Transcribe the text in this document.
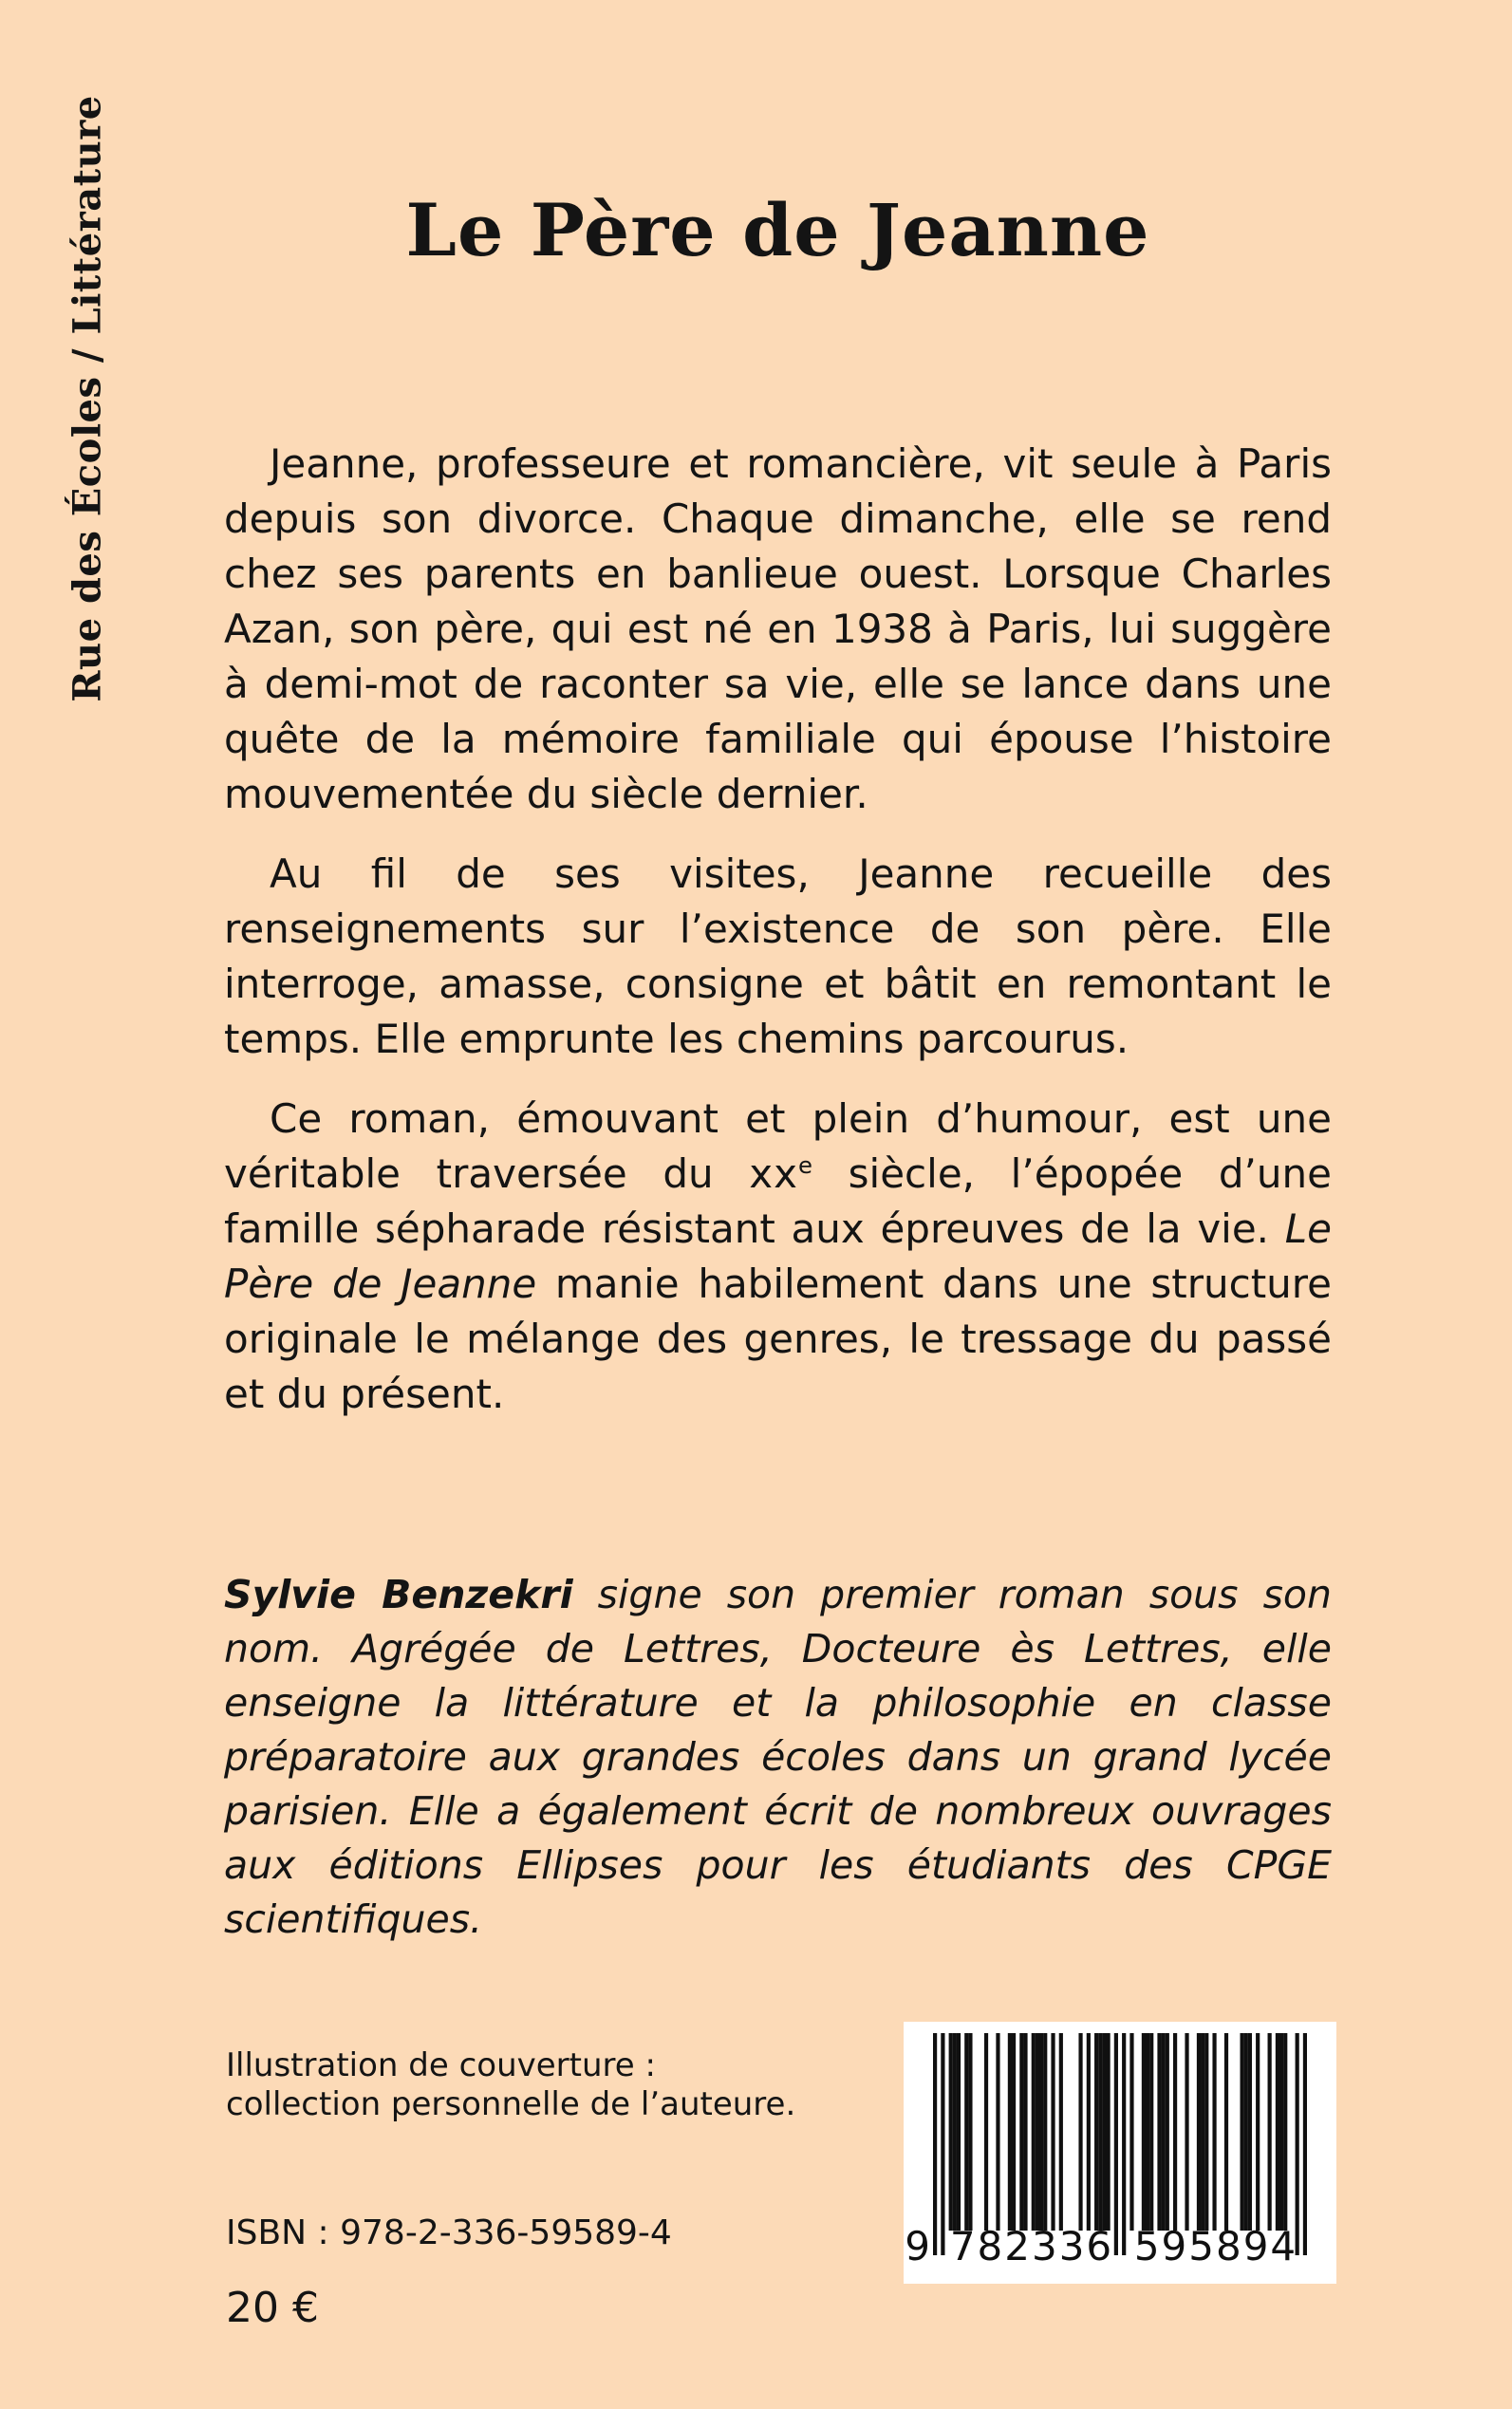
Rue des Écoles / Littérature	Le Père de Jeanne

Jeanne, professeure et romancière, vit seule à Paris depuis son divorce. Chaque dimanche, elle se rend chez ses parents en banlieue ouest. Lorsque Charles Azan, son père, qui est né en 1938 à Paris, lui suggère à demi-mot de raconter sa vie, elle se lance dans une quête de la mémoire familiale qui épouse l’histoire mouvementée du siècle dernier.

Au fil de ses visites, Jeanne recueille des renseignements sur l’existence de son père. Elle interroge, amasse, consigne et bâtit en remontant le temps. Elle emprunte les chemins parcourus.

Ce roman, émouvant et plein d’humour, est une véritable traversée du $xx^e$ siècle, l’épopée d’une famille sépharade résistant aux épreuves de la vie. Le Père de Jeanne manie habilement dans une structure originale le mélange des genres, le tressage du passé et du présent.

Sylvie Benzekri signe son premier roman sous son nom. Agrégée de Lettres, Docteure ès Lettres, elle enseigne la littérature et la philosophie en classe préparatoire aux grandes écoles dans un grand lycée parisien. Elle a également écrit de nombreux ouvrages aux éditions Ellipses pour les étudiants des CPGE scientifiques.

Illustration de couverture :
collection personnelle de l’auteure.
ISBN : 978-2-336-59589-4
20 €
9 782336 595894
